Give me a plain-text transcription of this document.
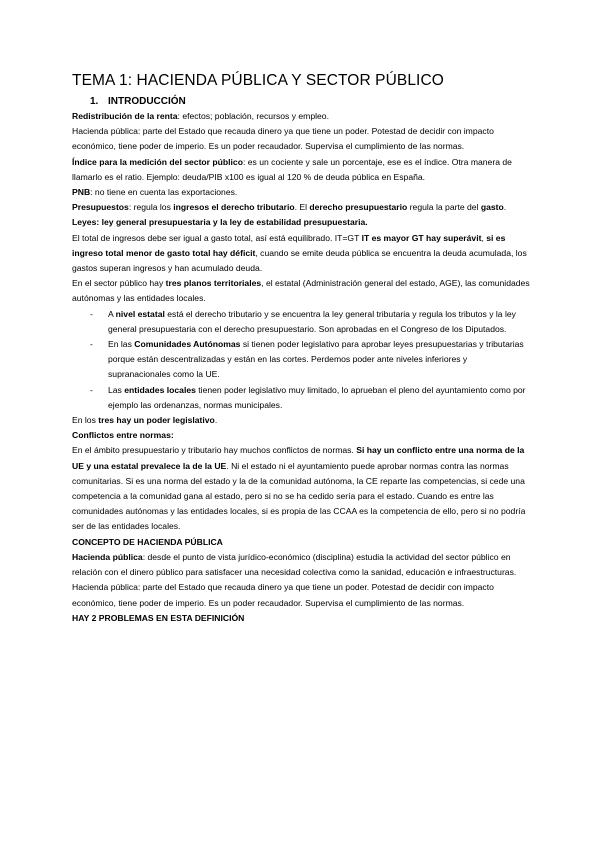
TEMA 1: HACIENDA PÚBLICA Y SECTOR PÚBLICO
1. INTRODUCCIÓN

Redistribución de la renta: efectos; población, recursos y empleo.

Hacienda pública: parte del Estado que recauda dinero ya que tiene un poder. Potestad de decidir con impacto económico, tiene poder de imperio. Es un poder recaudador. Supervisa el cumplimiento de las normas.

Índice para la medición del sector público: es un cociente y sale un porcentaje, ese es el índice. Otra manera de llamarlo es el ratio. Ejemplo: deuda/PIB x100 es igual al 120 % de deuda pública en España.

PNB: no tiene en cuenta las exportaciones.

Presupuestos: regula los ingresos el derecho tributario. El derecho presupuestario regula la parte del gasto.

Leyes: ley general presupuestaria y la ley de estabilidad presupuestaria.

El total de ingresos debe ser igual a gasto total, así está equilibrado. IT=GT IT es mayor GT hay superávit, si es ingreso total menor de gasto total hay déficit, cuando se emite deuda pública se encuentra la deuda acumulada, los gastos superan ingresos y han acumulado deuda.

En el sector público hay tres planos territoriales, el estatal (Administración general del estado, AGE), las comunidades autónomas y las entidades locales.

- A nivel estatal está el derecho tributario y se encuentra la ley general tributaria y regula los tributos y la ley general presupuestaria con el derecho presupuestario. Son aprobadas en el Congreso de los Diputados.
- En las Comunidades Autónomas si tienen poder legislativo para aprobar leyes presupuestarias y tributarias porque están descentralizadas y están en las cortes. Perdemos poder ante niveles inferiores y supranacionales como la UE.
- Las entidades locales tienen poder legislativo muy limitado, lo aprueban el pleno del ayuntamiento como por ejemplo las ordenanzas, normas municipales.

En los tres hay un poder legislativo.

Conflictos entre normas:

En el ámbito presupuestario y tributario hay muchos conflictos de normas. Si hay un conflicto entre una norma de la UE y una estatal prevalece la de la UE. Ni el estado ni el ayuntamiento puede aprobar normas contra las normas comunitarias. Si es una norma del estado y la de la comunidad autónoma, la CE reparte las competencias, si cede una competencia a la comunidad gana al estado, pero si no se ha cedido sería para el estado. Cuando es entre las comunidades autónomas y las entidades locales, si es propia de las CCAA es la competencia de ello, pero si no podría ser de las entidades locales.

CONCEPTO DE HACIENDA PÚBLICA

Hacienda pública: desde el punto de vista jurídico-económico (disciplina) estudia la actividad del sector público en relación con el dinero público para satisfacer una necesidad colectiva como la sanidad, educación e infraestructuras.

Hacienda pública: parte del Estado que recauda dinero ya que tiene un poder. Potestad de decidir con impacto económico, tiene poder de imperio. Es un poder recaudador. Supervisa el cumplimiento de las normas.

HAY 2 PROBLEMAS EN ESTA DEFINICIÓN
